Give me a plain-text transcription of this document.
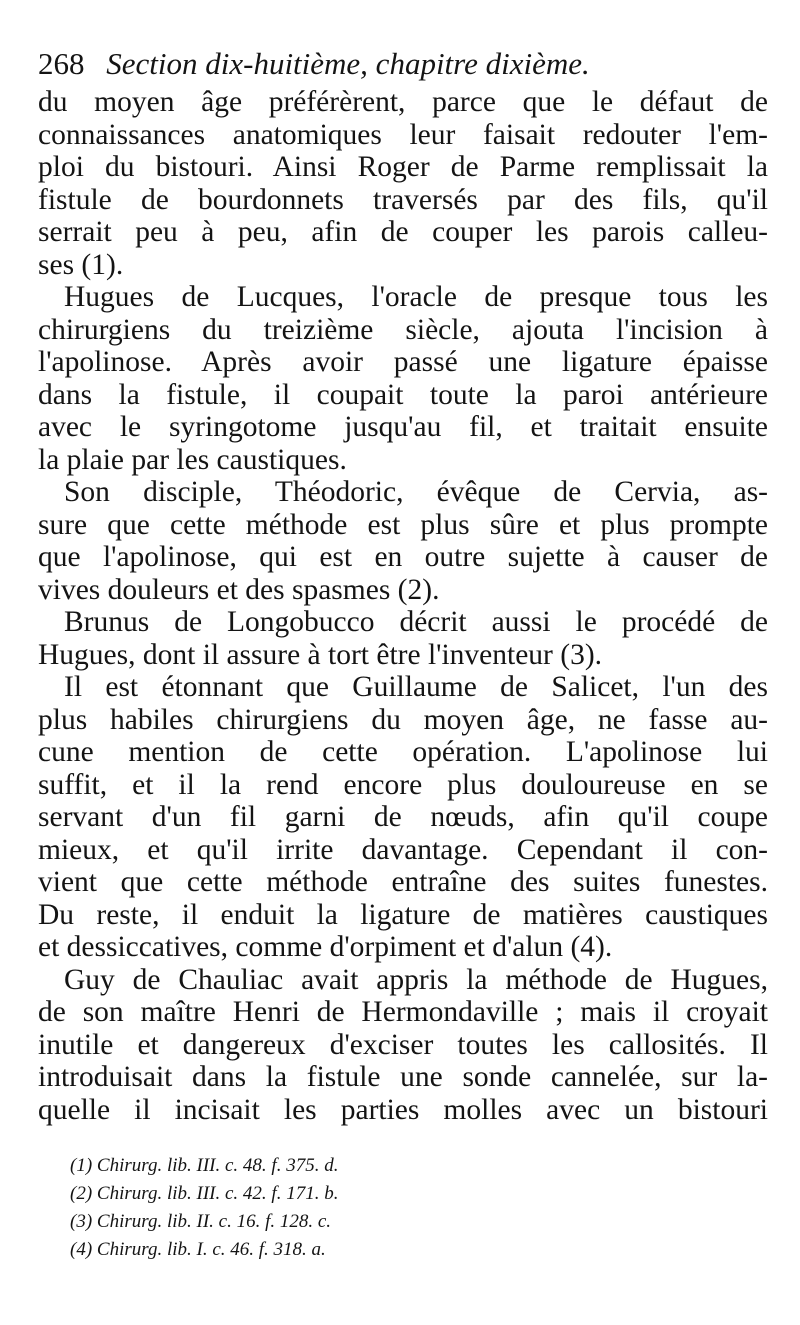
268 Section dix-huitième, chapitre dixième.
du moyen âge préférèrent, parce que le défaut de
connaissances anatomiques leur faisait redouter l'em-
ploi du bistouri. Ainsi Roger de Parme remplissait la
fistule de bourdonnets traversés par des fils, qu'il
serrait peu à peu, afin de couper les parois calleu-
ses (1).
Hugues de Lucques, l'oracle de presque tous les
chirurgiens du treizième siècle, ajouta l'incision à
l'apolinose. Après avoir passé une ligature épaisse
dans la fistule, il coupait toute la paroi antérieure
avec le syringotome jusqu'au fil, et traitait ensuite
la plaie par les caustiques.
Son disciple, Théodoric, évêque de Cervia, as-
sure que cette méthode est plus sûre et plus prompte
que l'apolinose, qui est en outre sujette à causer de
vives douleurs et des spasmes (2).
Brunus de Longobucco décrit aussi le procédé de
Hugues, dont il assure à tort être l'inventeur (3).
Il est étonnant que Guillaume de Salicet, l'un des
plus habiles chirurgiens du moyen âge, ne fasse au-
cune mention de cette opération. L'apolinose lui
suffit, et il la rend encore plus douloureuse en se
servant d'un fil garni de nœuds, afin qu'il coupe
mieux, et qu'il irrite davantage. Cependant il con-
vient que cette méthode entraîne des suites funestes.
Du reste, il enduit la ligature de matières caustiques
et dessiccatives, comme d'orpiment et d'alun (4).
Guy de Chauliac avait appris la méthode de Hugues,
de son maître Henri de Hermondaville ; mais il croyait
inutile et dangereux d'exciser toutes les callosités. Il
introduisait dans la fistule une sonde cannelée, sur la-
quelle il incisait les parties molles avec un bistouri
(1) Chirurg. lib. III. c. 48. f. 375. d.
(2) Chirurg. lib. III. c. 42. f. 171. b.
(3) Chirurg. lib. II. c. 16. f. 128. c.
(4) Chirurg. lib. I. c. 46. f. 318. a.
